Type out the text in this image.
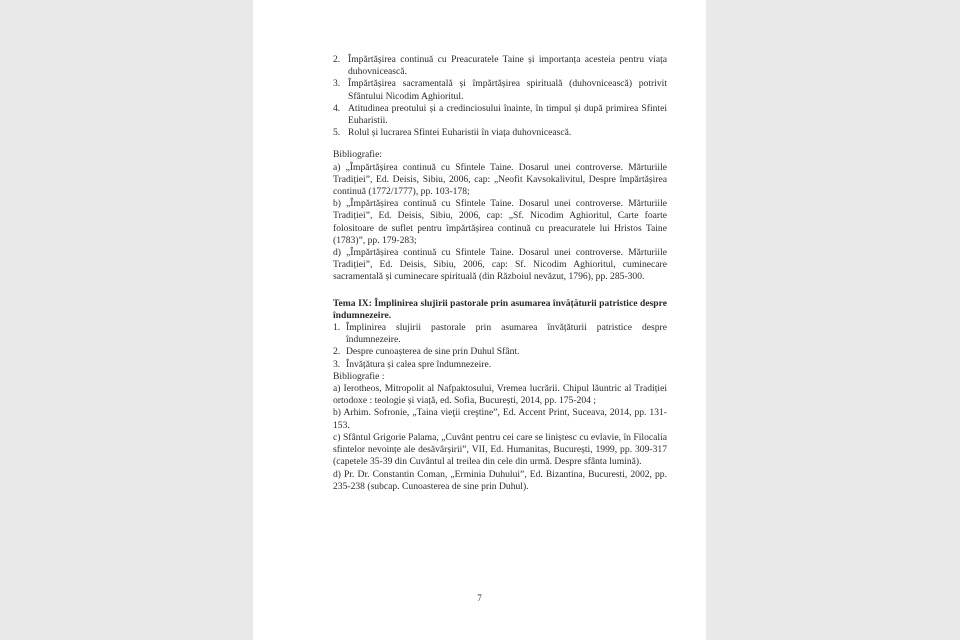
2. Împărtășirea continuă cu Preacuratele Taine și importanța acesteia pentru viața duhovnicească.
3. Împărtășirea sacramentală și împărtășirea spirituală (duhovnicească) potrivit Sfântului Nicodim Aghioritul.
4. Atitudinea preotului și a credinciosului înainte, în timpul și după primirea Sfintei Euharistii.
5. Rolul și lucrarea Sfintei Euharistii în viața duhovnicească.
Bibliografie:
a) „Împărtășirea continuă cu Sfintele Taine. Dosarul unei controverse. Mărturiile Tradiției”, Ed. Deisis, Sibiu, 2006, cap: „Neofit Kavsokalivitul, Despre împărtășirea continuă (1772/1777), pp. 103-178;
b) „Împărtășirea continuă cu Sfintele Taine. Dosarul unei controverse. Mărturiile Tradiției”, Ed. Deisis, Sibiu, 2006, cap: „Sf. Nicodim Aghioritul, Carte foarte folositoare de suflet pentru împărtășirea continuă cu preacuratele lui Hristos Taine (1783)”, pp. 179-283;
d) „Împărtășirea continuă cu Sfintele Taine. Dosarul unei controverse. Mărturiile Tradiției”, Ed. Deisis, Sibiu, 2006, cap: Sf. Nicodim Aghioritul, cuminecare sacramentală și cuminecare spirituală (din Războiul nevăzut, 1796), pp. 285-300.
Tema IX: Împlinirea slujirii pastorale prin asumarea învățăturii patristice despre îndumnezeire.
1. Împlinirea slujirii pastorale prin asumarea învățăturii patristice despre îndumnezeire.
2. Despre cunoașterea de sine prin Duhul Sfânt.
3. Învățătura și calea spre îndumnezeire.
Bibliografie :
a) Ierotheos, Mitropolit al Nafpaktosului, Vremea lucrării. Chipul lăuntric al Tradiției ortodoxe : teologie și viață, ed. Sofia, București, 2014, pp. 175-204 ;
b) Arhim. Sofronie, „Taina vieţii creştine”, Ed. Accent Print, Suceava, 2014, pp. 131-153.
c) Sfântul Grigorie Palama, „Cuvânt pentru cei care se liniștesc cu evlavie, în Filocalia sfintelor nevoințe ale desăvârșirii”, VII, Ed. Humanitas, București, 1999, pp. 309-317 (capetele 35-39 din Cuvântul al treilea din cele din urmă. Despre sfânta lumină).
d) Pr. Dr. Constantin Coman, „Erminia Duhului”, Ed. Bizantina, Bucuresti, 2002, pp. 235-238 (subcap. Cunoasterea de sine prin Duhul).
7
